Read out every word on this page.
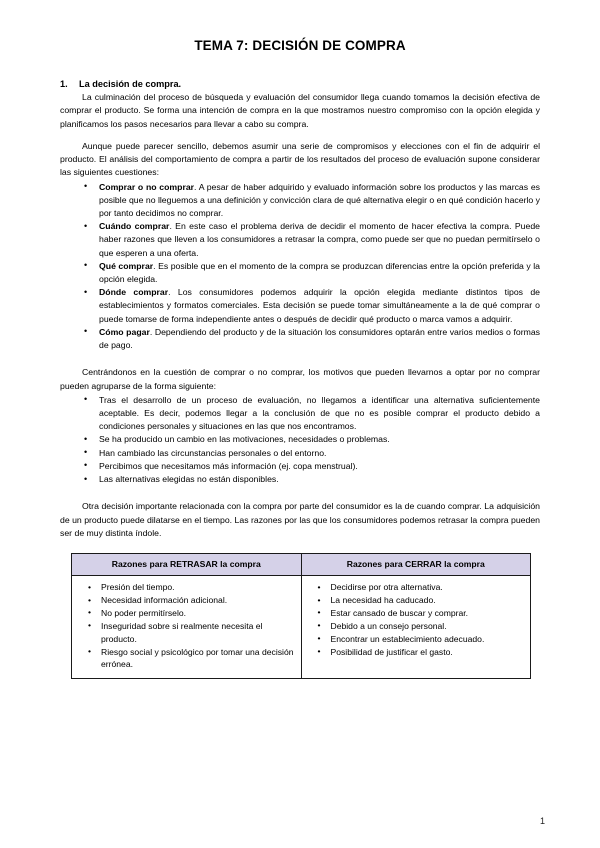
TEMA 7: DECISIÓN DE COMPRA
1.	La decisión de compra.

La culminación del proceso de búsqueda y evaluación del consumidor llega cuando tomamos la decisión efectiva de comprar el producto. Se forma una intención de compra en la que mostramos nuestro compromiso con la opción elegida y planificamos los pasos necesarios para llevar a cabo su compra.

Aunque puede parecer sencillo, debemos asumir una serie de compromisos y elecciones con el fin de adquirir el producto. El análisis del comportamiento de compra a partir de los resultados del proceso de evaluación supone considerar las siguientes cuestiones:

• Comprar o no comprar. A pesar de haber adquirido y evaluado información sobre los productos y las marcas es posible que no lleguemos a una definición y convicción clara de qué alternativa elegir o en qué condición hacerlo y por tanto decidimos no comprar.
• Cuándo comprar. En este caso el problema deriva de decidir el momento de hacer efectiva la compra. Puede haber razones que lleven a los consumidores a retrasar la compra, como puede ser que no puedan permitírselo o que esperen a una oferta.
• Qué comprar. Es posible que en el momento de la compra se produzcan diferencias entre la opción preferida y la opción elegida.
• Dónde comprar. Los consumidores podemos adquirir la opción elegida mediante distintos tipos de establecimientos y formatos comerciales. Esta decisión se puede tomar simultáneamente a la de qué comprar o puede tomarse de forma independiente antes o después de decidir qué producto o marca vamos a adquirir.
• Cómo pagar. Dependiendo del producto y de la situación los consumidores optarán entre varios medios o formas de pago.

Centrándonos en la cuestión de comprar o no comprar, los motivos que pueden llevarnos a optar por no comprar pueden agruparse de la forma siguiente:

• Tras el desarrollo de un proceso de evaluación, no llegamos a identificar una alternativa suficientemente aceptable. Es decir, podemos llegar a la conclusión de que no es posible comprar el producto debido a condiciones personales y situaciones en las que nos encontramos.
• Se ha producido un cambio en las motivaciones, necesidades o problemas.
• Han cambiado las circunstancias personales o del entorno.
• Percibimos que necesitamos más información (ej. copa menstrual).
• Las alternativas elegidas no están disponibles.

Otra decisión importante relacionada con la compra por parte del consumidor es la de cuando comprar. La adquisición de un producto puede dilatarse en el tiempo. Las razones por las que los consumidores podemos retrasar la compra pueden ser de muy distinta índole.

Razones para RETRASAR la compra	Razones para CERRAR la compra

• Presión del tiempo.
• Necesidad información adicional.
• No poder permitírselo.
• Inseguridad sobre si realmente necesita el producto.
• Riesgo social y psicológico por tomar una decisión errónea.

• Decidirse por otra alternativa.
• La necesidad ha caducado.
• Estar cansado de buscar y comprar.
• Debido a un consejo personal.
• Encontrar un establecimiento adecuado.
• Posibilidad de justificar el gasto.
1
